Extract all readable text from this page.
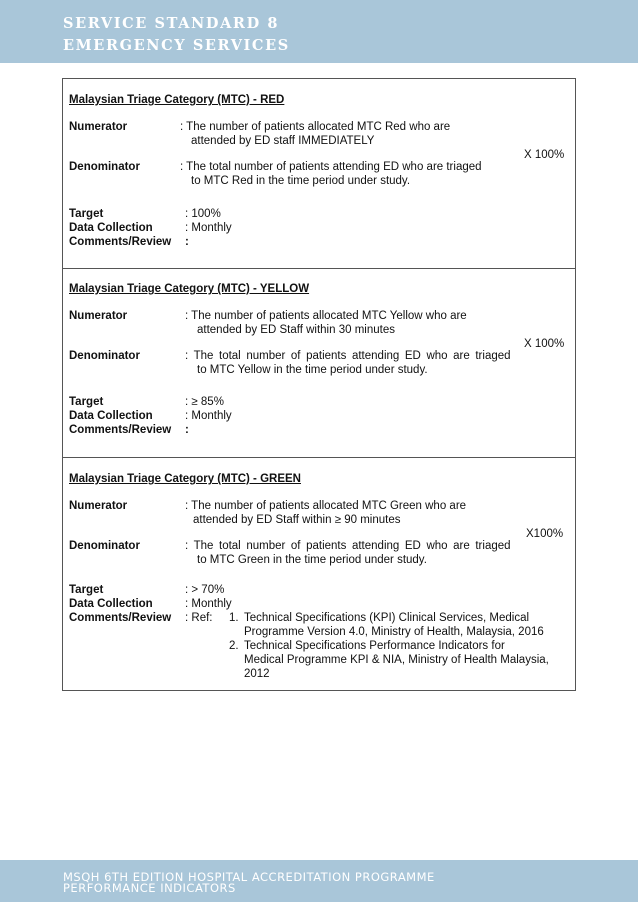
SERVICE STANDARD 8
EMERGENCY SERVICES
Malaysian Triage Category (MTC) - RED
Numerator	: The number of patients allocated MTC Red who are
attended by ED staff IMMEDIATELY
X 100%
Denominator	: The total number of patients attending ED who are triaged
to MTC Red in the time period under study.
Target	: 100%
Data Collection	: Monthly
Comments/Review :
Malaysian Triage Category (MTC) - YELLOW
Numerator	: The number of patients allocated MTC Yellow who are
attended by ED Staff within 30 minutes
X 100%
Denominator	: The total number of patients attending ED who are triaged
to MTC Yellow in the time period under study.
Target	: ≥ 85%
Data Collection	: Monthly
Comments/Review :
Malaysian Triage Category (MTC) - GREEN
Numerator	: The number of patients allocated MTC Green who are
attended by ED Staff within ≥ 90 minutes
X100%
Denominator	: The total number of patients attending ED who are triaged
to MTC Green in the time period under study.
Target	: > 70%
Data Collection	: Monthly
Comments/Review : Ref: 1. Technical Specifications (KPI) Clinical Services, Medical
Programme Version 4.0, Ministry of Health, Malaysia, 2016
2. Technical Specifications Performance Indicators for
Medical Programme KPI & NIA, Ministry of Health Malaysia,
2012
MSQH 6TH EDITION HOSPITAL ACCREDITATION PROGRAMME
PERFORMANCE INDICATORS
